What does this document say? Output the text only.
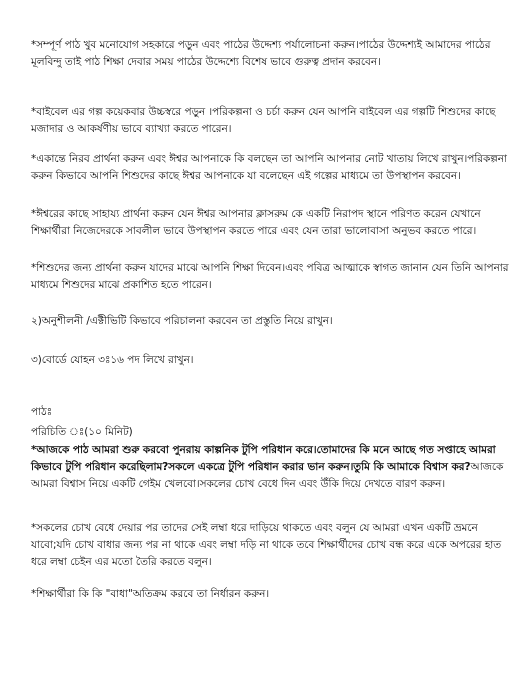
*সম্পূর্ণ পাঠ খুব মনোযোগ সহকারে পড়ুন এবং পাঠের উদ্দেশ্য পর্যালোচনা করুন।পাঠের উদ্দেশ্যই আমাদের পাঠের মূলবিন্দু তাই পাঠ শিক্ষা দেবার সময় পাঠের উদ্দেশ্যে বিশেষ ভাবে গুরুত্ব প্রদান করবেন।

*বাইবেল এর গল্প কয়েকবার উচ্চস্বরে পড়ুন ।পরিকল্পনা ও চর্চা করুন যেন আপনি বাইবেল এর গল্পটি শিশুদের কাছে মজাদার ও আকর্ষণীয় ভাবে ব্যাখ্যা করতে পারেন।

*একান্তে নিরব প্রার্থনা করুন এবং ঈশ্বর আপনাকে কি বলছেন তা আপনি আপনার নোট খাতায় লিখে রাখুন।পরিকল্পনা করুন কিভাবে আপনি শিশুদের কাছে ঈশ্বর আপনাকে যা বলেছেন এই গল্পের মাধ্যমে তা উপস্থাপন করবেন।

*ঈশ্বরের কাছে সাহায্য প্রার্থনা করুন যেন ঈশ্বর আপনার ক্লাসরুম কে একটি নিরাপদ স্থানে পরিণত করেন যেখানে শিক্ষার্থীরা নিজেদেরকে সাবলীল ভাবে উপস্থাপন করতে পারে এবং যেন তারা ভালোবাসা অনুভব করতে পারে।

*শিশুদের জন্য প্রার্থনা করুন যাদের মাঝে আপনি শিক্ষা দিবেন।এবং পবিত্র আত্মাকে স্বাগত জানান যেন তিনি আপনার মাধ্যমে শিশুদের মাঝে প্রকাশিত হতে পারেন।

২)অনুশীলনী /এক্টীভিটি কিভাবে পরিচালনা করবেন তা প্রস্তুতি নিয়ে রাখুন।

৩)বোর্ডে যোহন ৩ঃ১৬ পদ লিখে রাখুন।

পাঠঃ

পরিচিতি ঃ(১০ মিনিট)

*আজকে পাঠ আমরা শুরু করবো পুনরায় কাল্পনিক টুপি পরিধান করে।তোমাদের কি মনে আছে গত সপ্তাহে আমরা কিভাবে টুপি পরিধান করেছিলাম?সকলে একত্রে টুপি পরিধান করার ভান করুন।তুমি কি আমাকে বিশ্বাস কর?আজকে আমরা বিশ্বাস নিয়ে একটি গেইম খেলবো।সকলের চোখ বেধে দিন এবং উঁকি দিয়ে দেখতে বারণ করুন।

*সকলের চোখ বেধে দেয়ার পর তাদের সেই লম্বা ধরে দাড়িয়ে থাকতে এবং বলুন যে আমরা এখন একটি ভ্রমনে যাবো;যদি চোখ বাধার জন্য পর না থাকে এবং লম্বা দড়ি না থাকে তবে শিক্ষার্থীদের চোখ বন্ধ করে একে অপরের হাত ধরে লম্বা চেইন এর মতো তৈরি করতে বলুন।

*শিক্ষার্থীরা কি কি "বাধা"অতিক্রম করবে তা নির্ধারন করুন।
